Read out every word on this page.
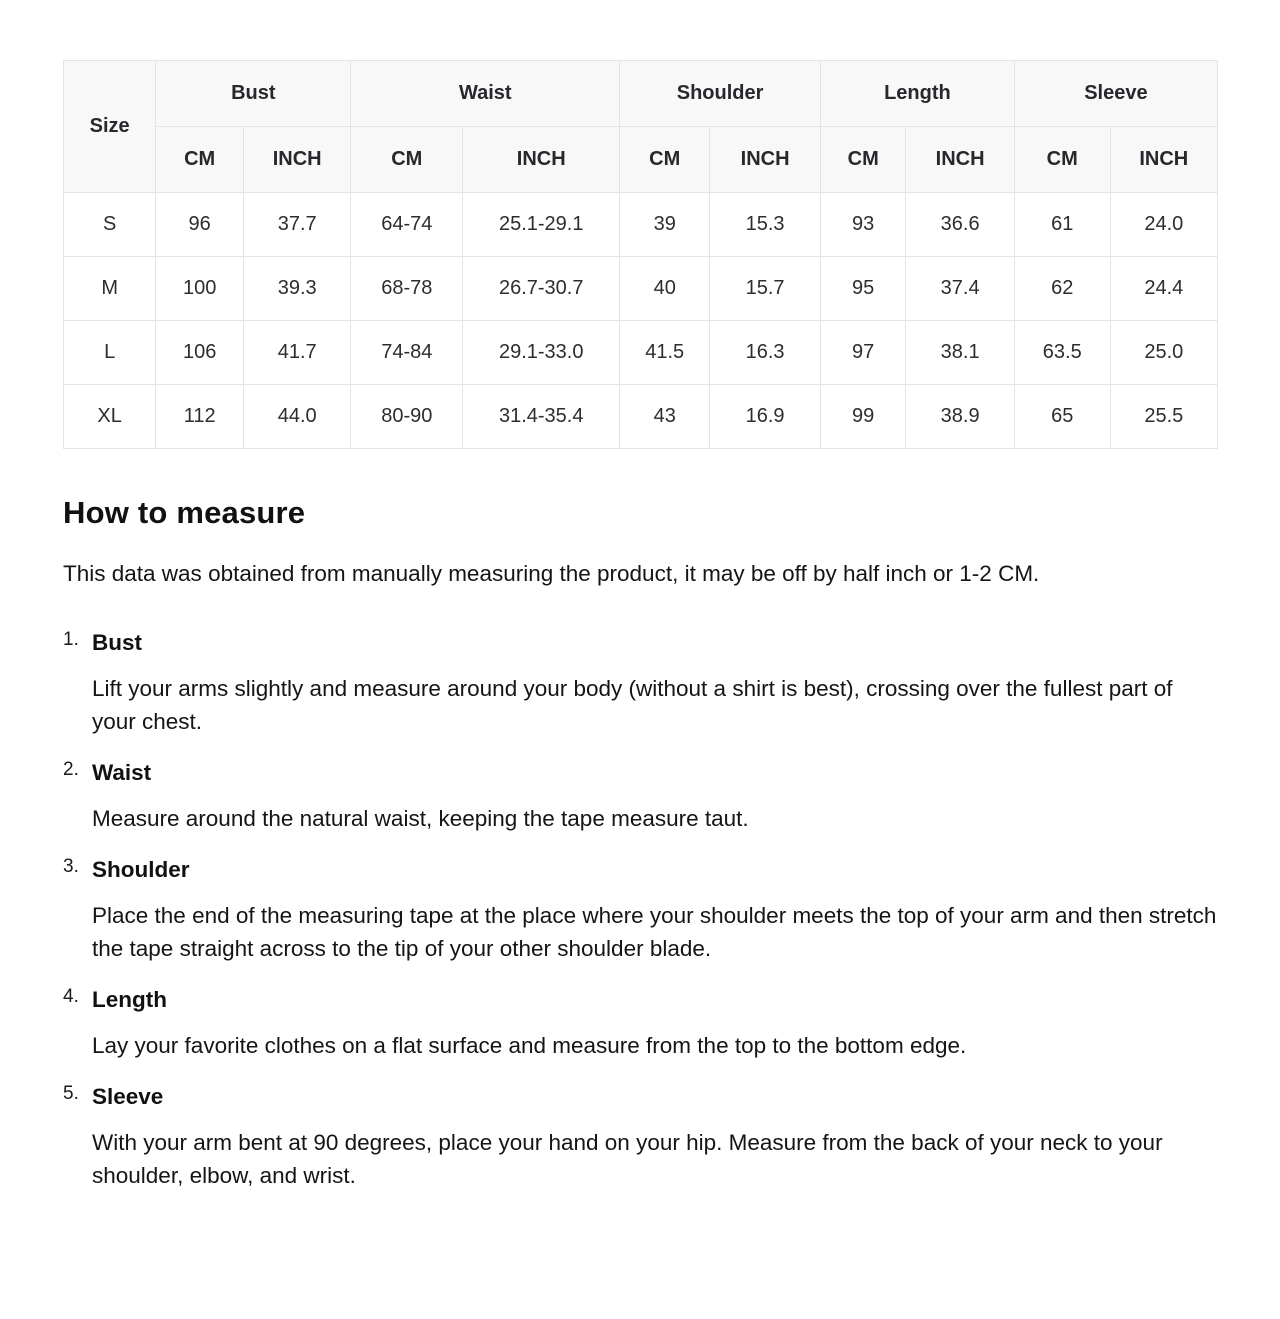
Size	Bust		Waist		Shoulder		Length		Sleeve	
	CM	INCH	CM	INCH	CM	INCH	CM	INCH	CM	INCH
S	96	37.7	64-74	25.1-29.1	39	15.3	93	36.6	61	24.0
M	100	39.3	68-78	26.7-30.7	40	15.7	95	37.4	62	24.4
L	106	41.7	74-84	29.1-33.0	41.5	16.3	97	38.1	63.5	25.0
XL	112	44.0	80-90	31.4-35.4	43	16.9	99	38.9	65	25.5
How to measure

This data was obtained from manually measuring the product, it may be off by half inch or 1-2 CM.

1. Bust

Lift your arms slightly and measure around your body (without a shirt is best), crossing over the fullest part of your chest.

2. Waist

Measure around the natural waist, keeping the tape measure taut.

3. Shoulder

Place the end of the measuring tape at the place where your shoulder meets the top of your arm and then stretch the tape straight across to the tip of your other shoulder blade.

4. Length

Lay your favorite clothes on a flat surface and measure from the top to the bottom edge.

5. Sleeve

With your arm bent at 90 degrees, place your hand on your hip. Measure from the back of your neck to your shoulder, elbow, and wrist.
